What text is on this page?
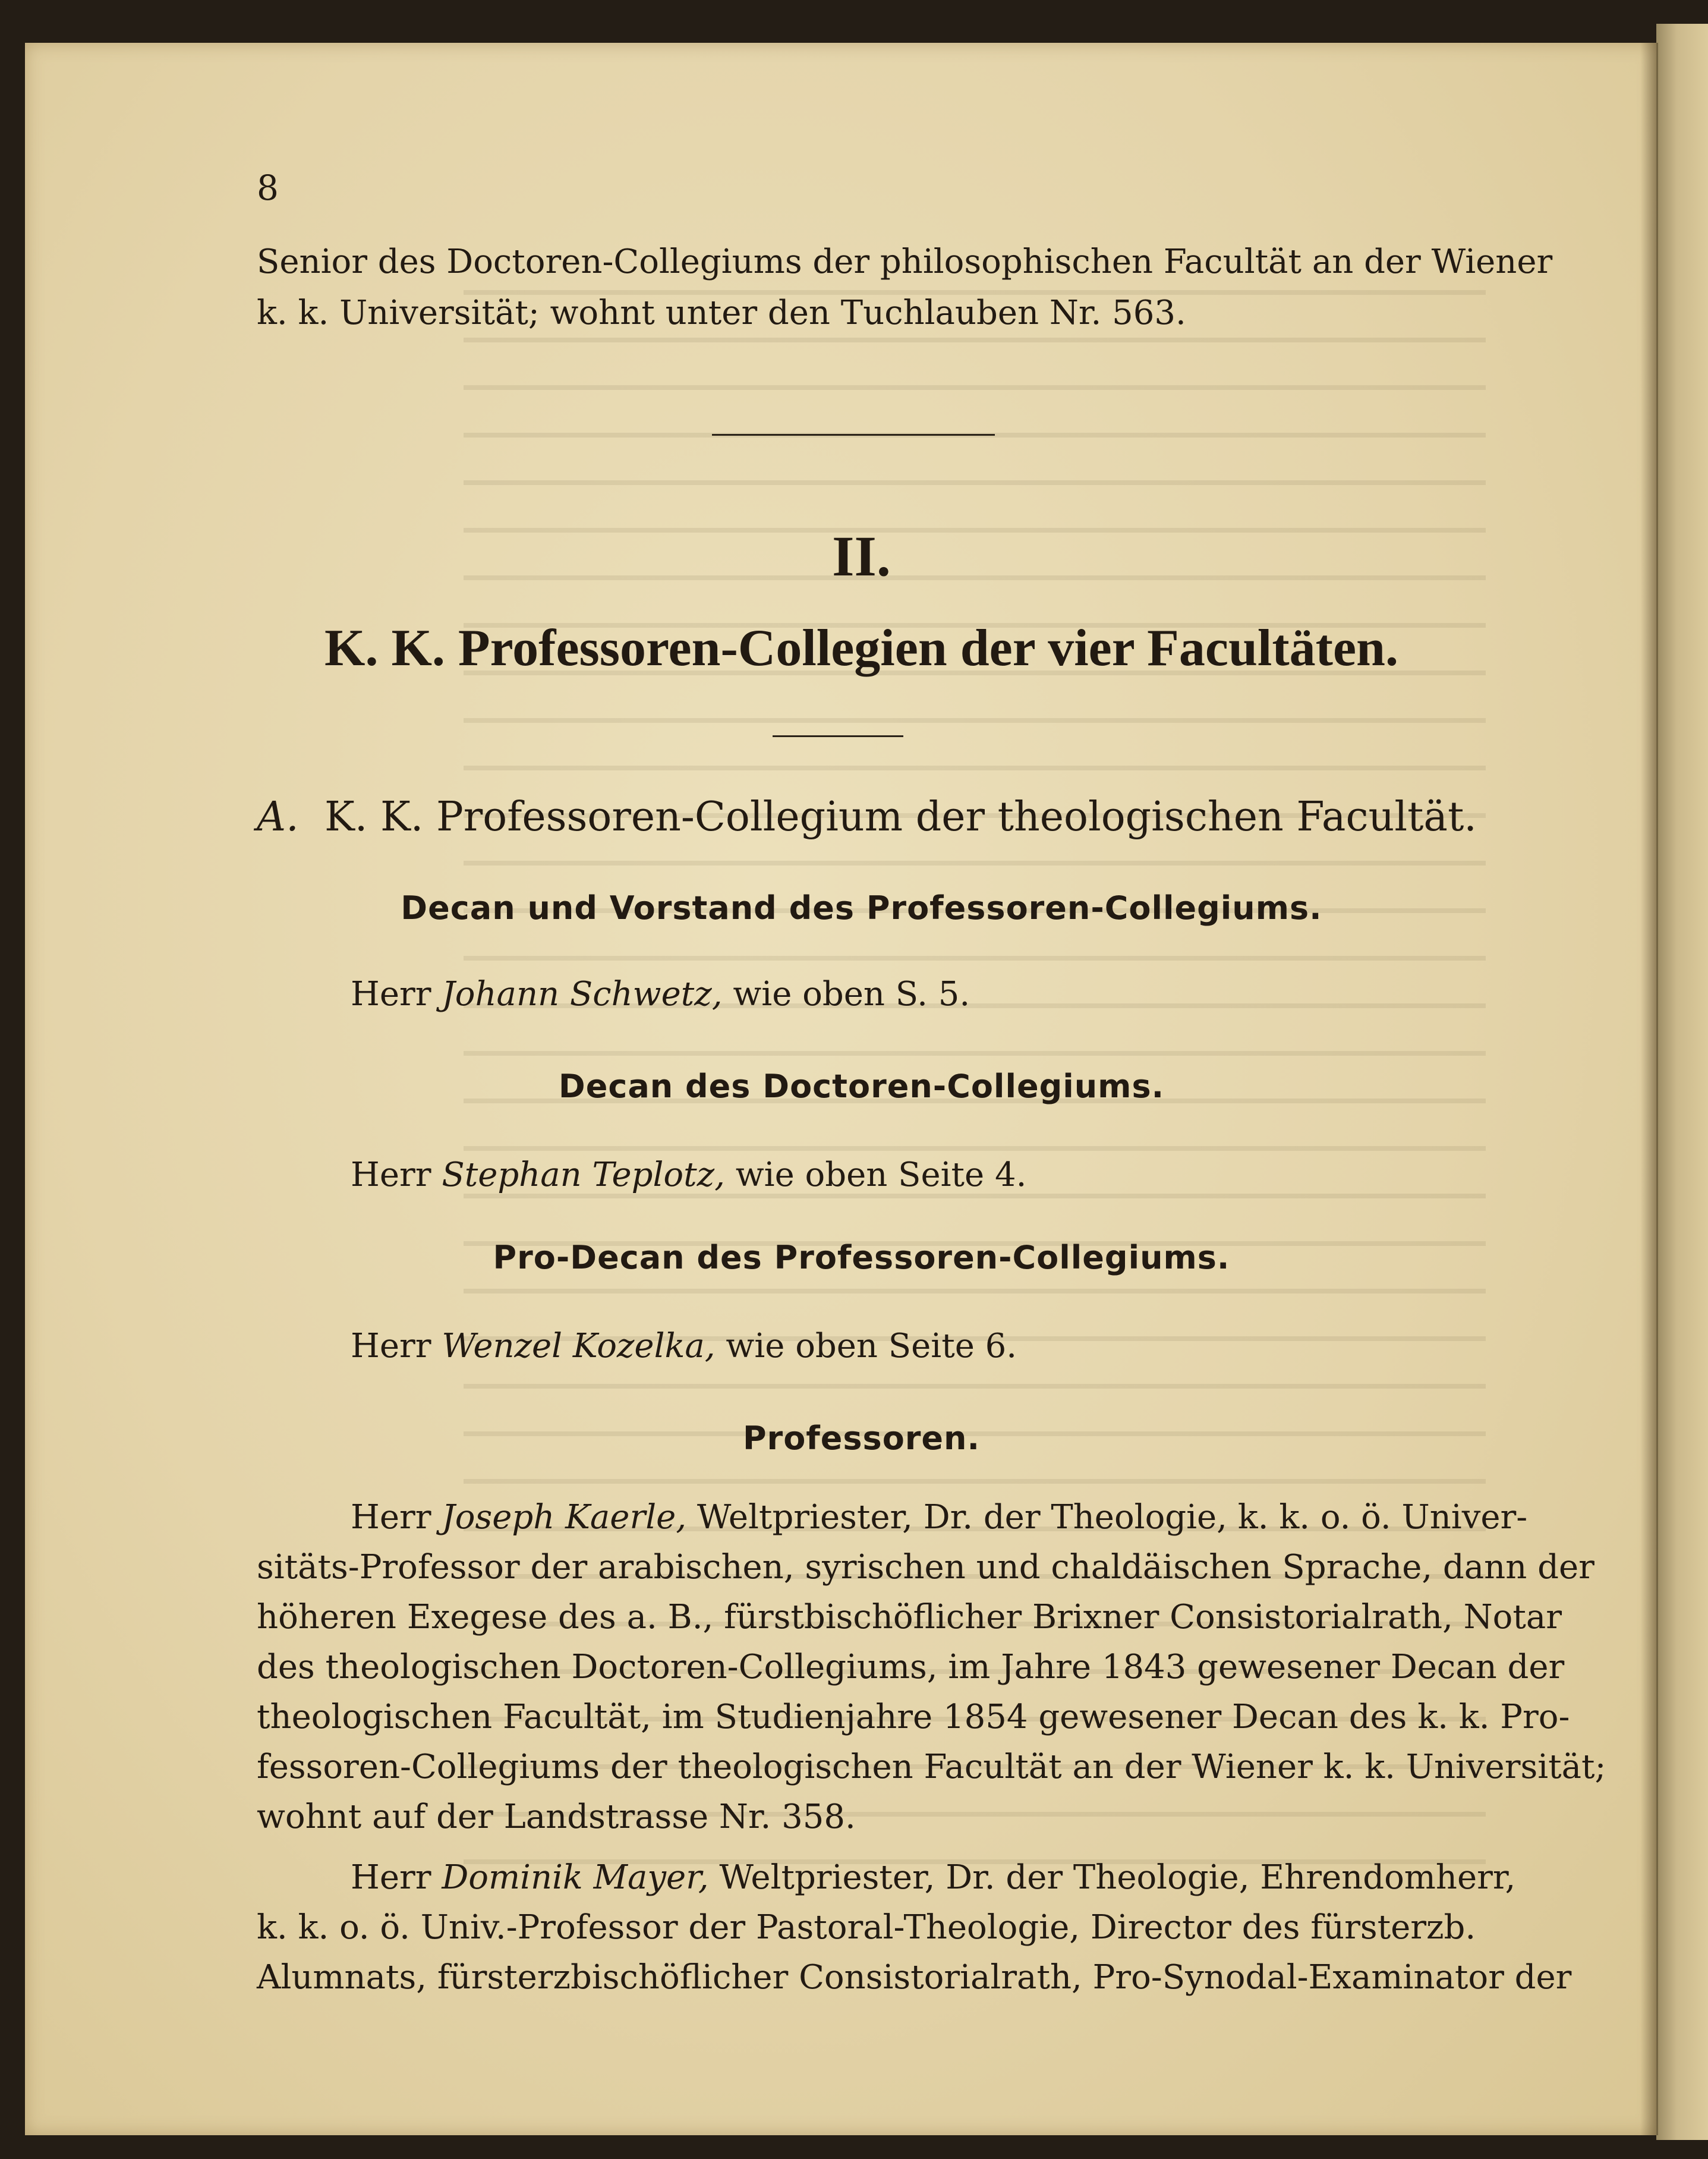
8
Senior des Doctoren-Collegiums der philosophischen Facultät an der Wiener
k. k. Universität; wohnt unter den Tuchlauben Nr. 563.
II.
K. K. Professoren-Collegien der vier Facultäten.
A. K. K. Professoren-Collegium der theologischen Facultät.
Decan und Vorstand des Professoren-Collegiums.
Herr Johann Schwetz, wie oben S. 5.
Decan des Doctoren-Collegiums.
Herr Stephan Teplotz, wie oben Seite 4.
Pro-Decan des Professoren-Collegiums.
Herr Wenzel Kozelka, wie oben Seite 6.
Professoren.
Herr Joseph Kaerle, Weltpriester, Dr. der Theologie, k. k. o. ö. Univer-
sitäts-Professor der arabischen, syrischen und chaldäischen Sprache, dann der
höheren Exegese des a. B., fürstbischöflicher Brixner Consistorialrath, Notar
des theologischen Doctoren-Collegiums, im Jahre 1843 gewesener Decan der
theologischen Facultät, im Studienjahre 1854 gewesener Decan des k. k. Pro-
fessoren-Collegiums der theologischen Facultät an der Wiener k. k. Universität;
wohnt auf der Landstrasse Nr. 358.
Herr Dominik Mayer, Weltpriester, Dr. der Theologie, Ehrendomherr,
k. k. o. ö. Univ.-Professor der Pastoral-Theologie, Director des fürsterzb.
Alumnats, fürsterzbischöflicher Consistorialrath, Pro-Synodal-Examinator der
